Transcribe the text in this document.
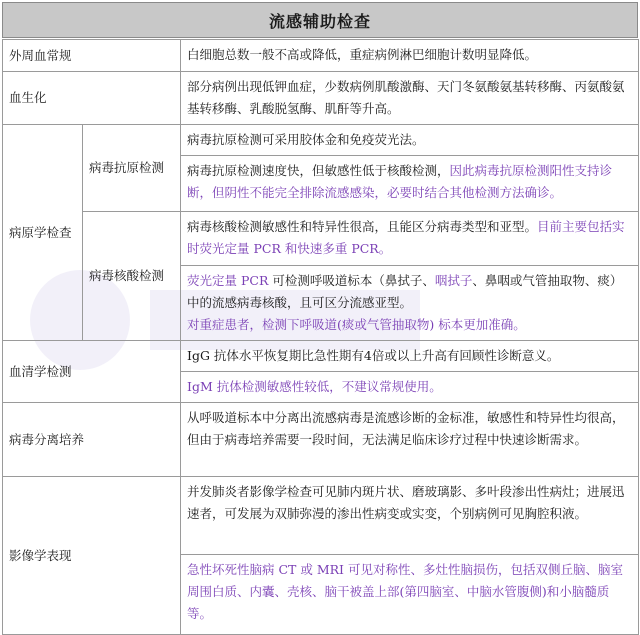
流感辅助检查
外周血常规		白细胞总数一般不高或降低，重症病例淋巴细胞计数明显降低。
血生化		部分病例出现低钾血症，少数病例肌酸激酶、天门冬氨酸氨基转移酶、丙氨酸氨基转移酶、乳酸脱氢酶、肌酐等升高。
病原学检查	病毒抗原检测	病毒抗原检测可采用胶体金和免疫荧光法。
		病毒抗原检测速度快，但敏感性低于核酸检测，因此病毒抗原检测阳性支持诊断，但阴性不能完全排除流感感染，必要时结合其他检测方法确诊。
	病毒核酸检测	病毒核酸检测敏感性和特异性很高，且能区分病毒类型和亚型。目前主要包括实时荧光定量 PCR 和快速多重 PCR。
		荧光定量 PCR 可检测呼吸道标本（鼻拭子、咽拭子、鼻咽或气管抽取物、痰）中的流感病毒核酸，且可区分流感亚型。
对重症患者，检测下呼吸道(痰或气管抽取物) 标本更加准确。
血清学检测		IgG 抗体水平恢复期比急性期有4倍或以上升高有回顾性诊断意义。
		IgM 抗体检测敏感性较低，不建议常规使用。
病毒分离培养		从呼吸道标本中分离出流感病毒是流感诊断的金标准，敏感性和特异性均很高，但由于病毒培养需要一段时间，无法满足临床诊疗过程中快速诊断需求。
影像学表现		并发肺炎者影像学检查可见肺内斑片状、磨玻璃影、多叶段渗出性病灶；进展迅速者，可发展为双肺弥漫的渗出性病变或实变，个别病例可见胸腔积液。
		急性坏死性脑病 CT 或 MRI 可见对称性、多灶性脑损伤，包括双侧丘脑、脑室周围白质、内囊、壳核、脑干被盖上部(第四脑室、中脑水管腹侧)和小脑髓质等。
